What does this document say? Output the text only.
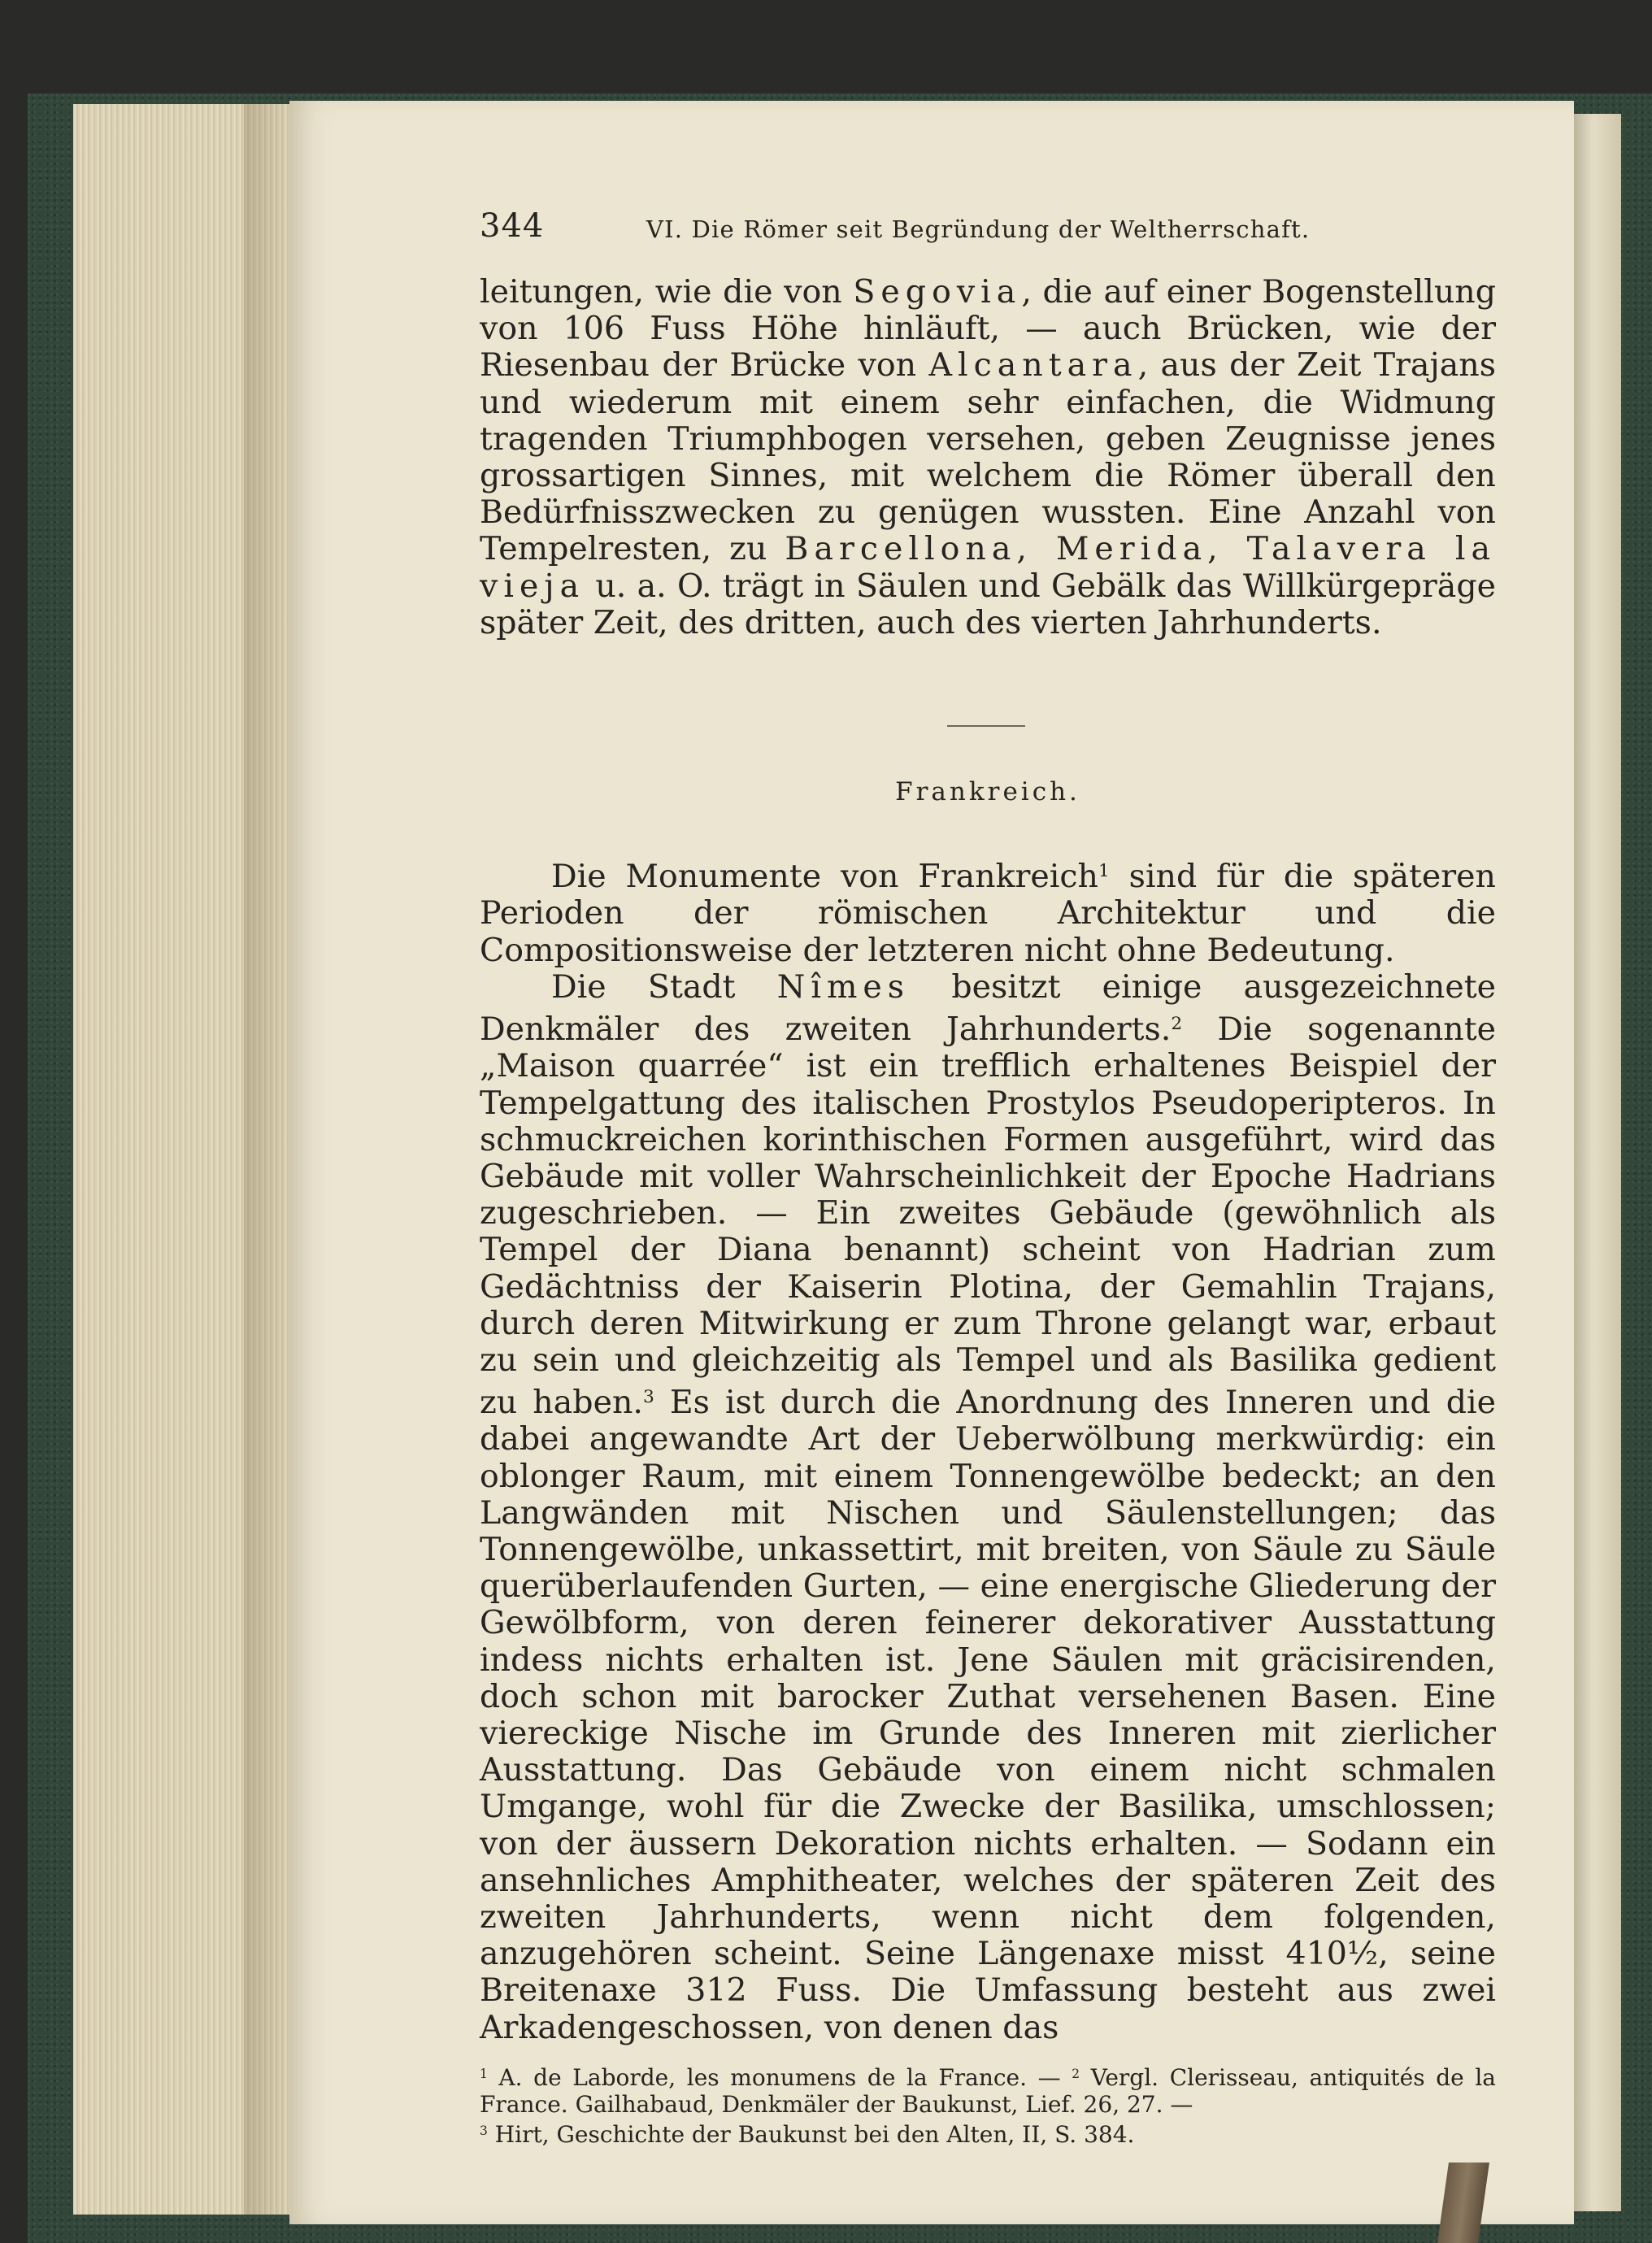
344	VI. Die Römer seit Begründung der Weltherrschaft.

leitungen, wie die von Segovia, die auf einer Bogenstellung von 106 Fuss Höhe hinläuft, — auch Brücken, wie der Riesenbau der Brücke von Alcantara, aus der Zeit Trajans und wiederum mit einem sehr einfachen, die Widmung tragenden Triumphbogen versehen, geben Zeugnisse jenes grossartigen Sinnes, mit welchem die Römer überall den Bedürfnisszwecken zu genügen wussten. Eine Anzahl von Tempelresten, zu Barcellona, Merida, Talavera la vieja u. a. O. trägt in Säulen und Gebälk das Willkürgepräge später Zeit, des dritten, auch des vierten Jahrhunderts.

Frankreich.

Die Monumente von Frankreich$^1$ sind für die späteren Perioden der römischen Architektur und die Compositionsweise der letzteren nicht ohne Bedeutung.

Die Stadt Nîmes besitzt einige ausgezeichnete Denkmäler des zweiten Jahrhunderts.$^2$ Die sogenannte „Maison quarrée“ ist ein trefflich erhaltenes Beispiel der Tempelgattung des italischen Prostylos Pseudoperipteros. In schmuckreichen korinthischen Formen ausgeführt, wird das Gebäude mit voller Wahrscheinlichkeit der Epoche Hadrians zugeschrieben. — Ein zweites Gebäude (gewöhnlich als Tempel der Diana benannt) scheint von Hadrian zum Gedächtniss der Kaiserin Plotina, der Gemahlin Trajans, durch deren Mitwirkung er zum Throne gelangt war, erbaut zu sein und gleichzeitig als Tempel und als Basilika gedient zu haben.$^3$ Es ist durch die Anordnung des Inneren und die dabei angewandte Art der Ueberwölbung merkwürdig: ein oblonger Raum, mit einem Tonnengewölbe bedeckt; an den Langwänden mit Nischen und Säulenstellungen; das Tonnengewölbe, unkassettirt, mit breiten, von Säule zu Säule querüberlaufenden Gurten, — eine energische Gliederung der Gewölbform, von deren feinerer dekorativer Ausstattung indess nichts erhalten ist. Jene Säulen mit gräcisirenden, doch schon mit barocker Zuthat versehenen Basen. Eine viereckige Nische im Grunde des Inneren mit zierlicher Ausstattung. Das Gebäude von einem nicht schmalen Umgange, wohl für die Zwecke der Basilika, umschlossen; von der äussern Dekoration nichts erhalten. — Sodann ein ansehnliches Amphitheater, welches der späteren Zeit des zweiten Jahrhunderts, wenn nicht dem folgenden, anzugehören scheint. Seine Längenaxe misst 410½, seine Breitenaxe 312 Fuss. Die Umfassung besteht aus zwei Arkadengeschossen, von denen das

$^1$ A. de Laborde, les monumens de la France. — $^2$ Vergl. Clerisseau, antiquités de la France. Gailhabaud, Denkmäler der Baukunst, Lief. 26, 27. —
$^3$ Hirt, Geschichte der Baukunst bei den Alten, II, S. 384.
